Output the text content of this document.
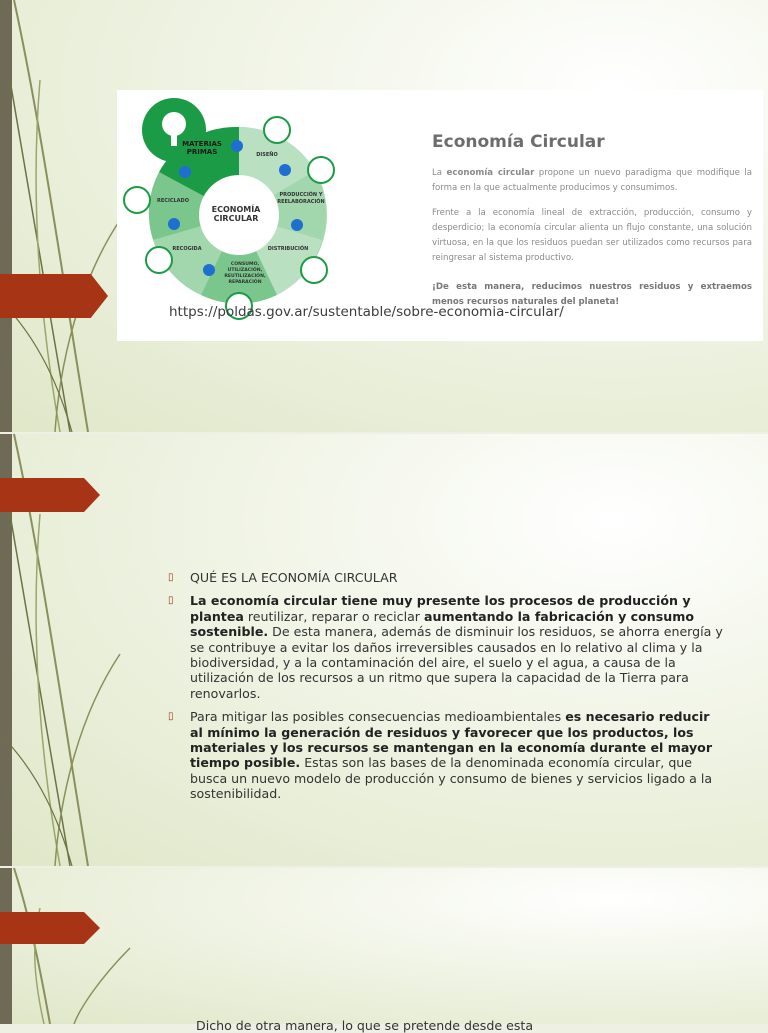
ECONOMÍA
CIRCULAR
MATERIAS
PRIMAS	DISEÑO
PRODUCCIÓN Y
REELABORACIÓN
DISTRIBUCIÓN
CONSUMO,
UTILIZACIÓN,
REUTILIZACIÓN,
REPARACIÓN
RECOGIDA
RECICLADO
Economía Circular
La economía circular propone un nuevo paradigma que modifique la forma en la que actualmente producimos y consumimos.
Frente a la economía lineal de extracción, producción, consumo y desperdicio; la economía circular alienta un flujo constante, una solución virtuosa, en la que los residuos puedan ser utilizados como recursos para reingresar al sistema productivo.
¡De esta manera, reducimos nuestros residuos y extraemos menos recursos naturales del planeta!
https://poldas.gov.ar/sustentable/sobre-economia-circular/
▯ QUÉ ES LA ECONOMÍA CIRCULAR
▯ La economía circular tiene muy presente los procesos de producción y plantea reutilizar, reparar o reciclar aumentando la fabricación y consumo sostenible. De esta manera, además de disminuir los residuos, se ahorra energía y se contribuye a evitar los daños irreversibles causados en lo relativo al clima y la biodiversidad, y a la contaminación del aire, el suelo y el agua, a causa de la utilización de los recursos a un ritmo que supera la capacidad de la Tierra para renovarlos.
▯ Para mitigar las posibles consecuencias medioambientales es necesario reducir al mínimo la generación de residuos y favorecer que los productos, los materiales y los recursos se mantengan en la economía durante el mayor tiempo posible. Estas son las bases de la denominada economía circular, que busca un nuevo modelo de producción y consumo de bienes y servicios ligado a la sostenibilidad.
Dicho de otra manera, lo que se pretende desde esta
